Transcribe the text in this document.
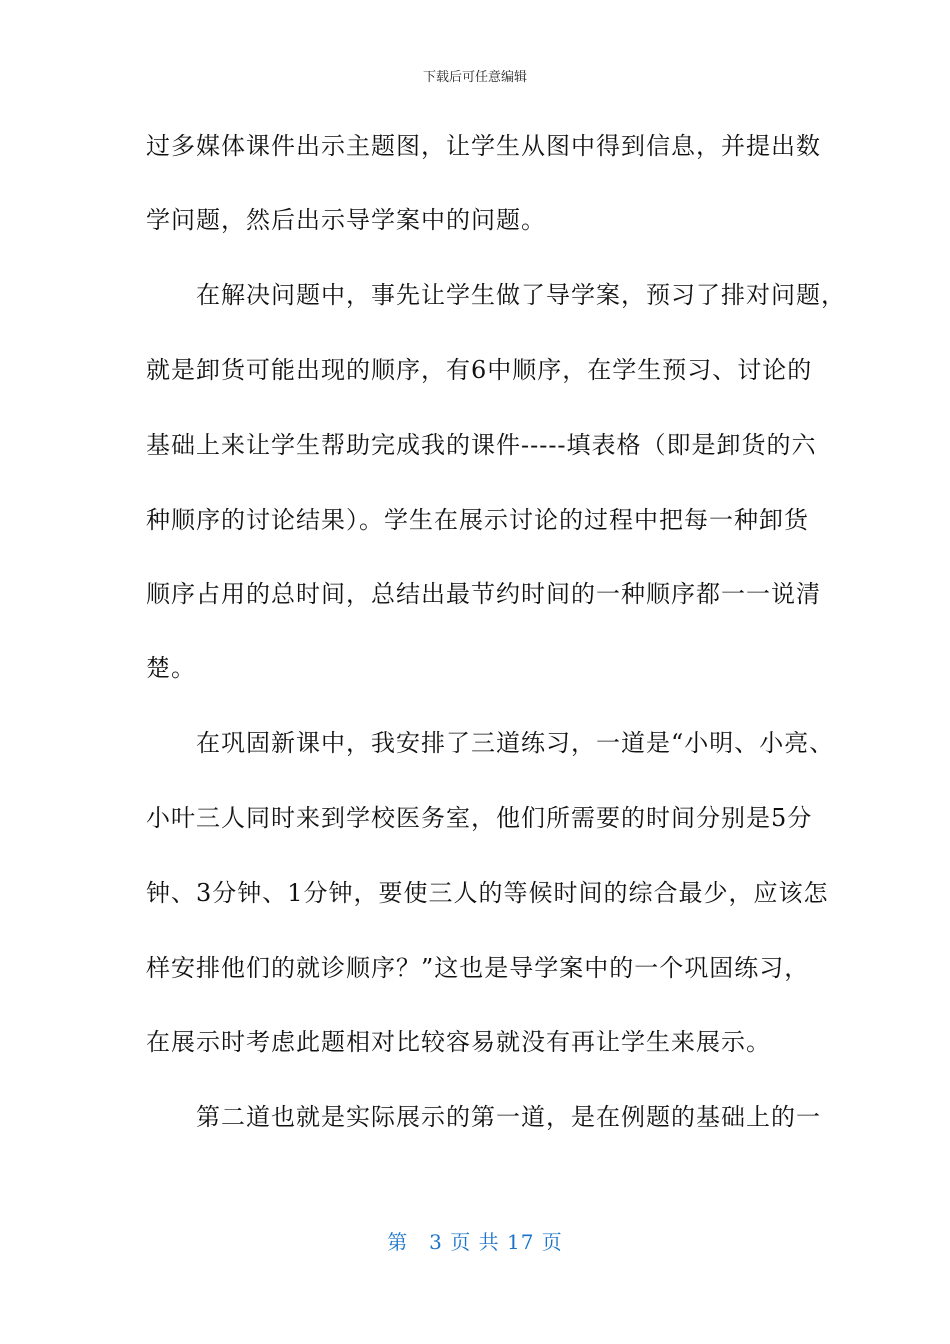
下载后可任意编辑
过多媒体课件出示主题图，让学生从图中得到信息，并提出数
学问题，然后出示导学案中的问题。
　　在解决问题中，事先让学生做了导学案，预习了排对问题，
就是卸货可能出现的顺序，有6中顺序，在学生预习、讨论的
基础上来让学生帮助完成我的课件-----填表格（即是卸货的六
种顺序的讨论结果）。学生在展示讨论的过程中把每一种卸货
顺序占用的总时间，总结出最节约时间的一种顺序都一一说清
楚。
　　在巩固新课中，我安排了三道练习，一道是“小明、小亮、
小叶三人同时来到学校医务室，他们所需要的时间分别是5分
钟、3分钟、1分钟，要使三人的等候时间的综合最少，应该怎
样安排他们的就诊顺序？”这也是导学案中的一个巩固练习，
在展示时考虑此题相对比较容易就没有再让学生来展示。
　　第二道也就是实际展示的第一道，是在例题的基础上的一
第　3 页 共 17 页
